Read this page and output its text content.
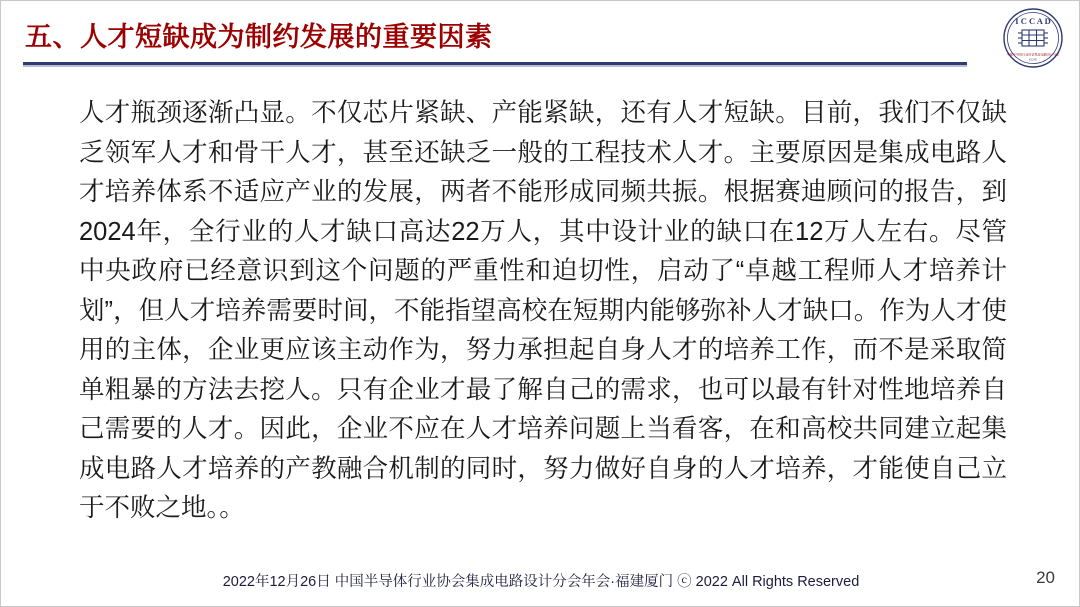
五、人才短缺成为制约发展的重要因素
I C C A D
中国半导体行业协会集成电路设计分会
ICCAD
人才瓶颈逐渐凸显。不仅芯片紧缺、产能紧缺，还有人才短缺。目前，我们不仅缺乏领军人才和骨干人才，甚至还缺乏一般的工程技术人才。主要原因是集成电路人才培养体系不适应产业的发展，两者不能形成同频共振。根据赛迪顾问的报告，到2024年，全行业的人才缺口高达22万人，其中设计业的缺口在12万人左右。尽管中央政府已经意识到这个问题的严重性和迫切性，启动了“卓越工程师人才培养计划”，但人才培养需要时间，不能指望高校在短期内能够弥补人才缺口。作为人才使用的主体，企业更应该主动作为，努力承担起自身人才的培养工作，而不是采取简单粗暴的方法去挖人。只有企业才最了解自己的需求，也可以最有针对性地培养自己需要的人才。因此，企业不应在人才培养问题上当看客，在和高校共同建立起集成电路人才培养的产教融合机制的同时，努力做好自身的人才培养，才能使自己立于不败之地。。
2022年12月26日 中国半导体行业协会集成电路设计分会年会·福建厦门 ⓒ 2022 All Rights Reserved	20
